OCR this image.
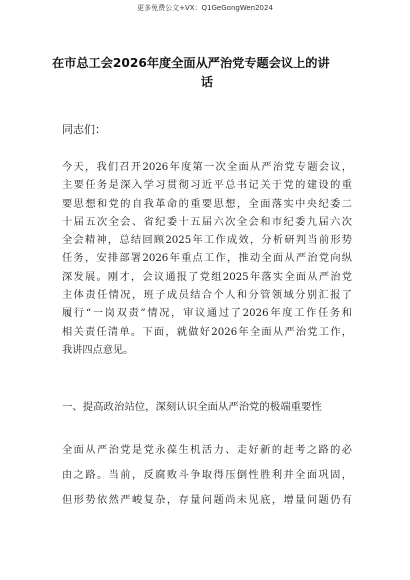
更多免费公文+VX：Q1GeGongWen2024
在市总工会2026年度全面从严治党专题会议上的讲
话
同志们：
今天，我们召开2026年度第一次全面从严治党专题会议，
主要任务是深入学习贯彻习近平总书记关于党的建设的重
要思想和党的自我革命的重要思想，全面落实中央纪委二
十届五次全会、省纪委十五届六次全会和市纪委九届六次
全会精神，总结回顾2025年工作成效，分析研判当前形势
任务，安排部署2026年重点工作，推动全面从严治党向纵
深发展。刚才，会议通报了党组2025年落实全面从严治党
主体责任情况，班子成员结合个人和分管领域分别汇报了
履行“一岗双责”情况，审议通过了2026年度工作任务和
相关责任清单。下面，就做好2026年全面从严治党工作，
我讲四点意见。
一、提高政治站位，深刻认识全面从严治党的极端重要性
全面从严治党是党永葆生机活力、走好新的赶考之路的必
由之路。当前，反腐败斗争取得压倒性胜利并全面巩固，
但形势依然严峻复杂，存量问题尚未见底，增量问题仍有
